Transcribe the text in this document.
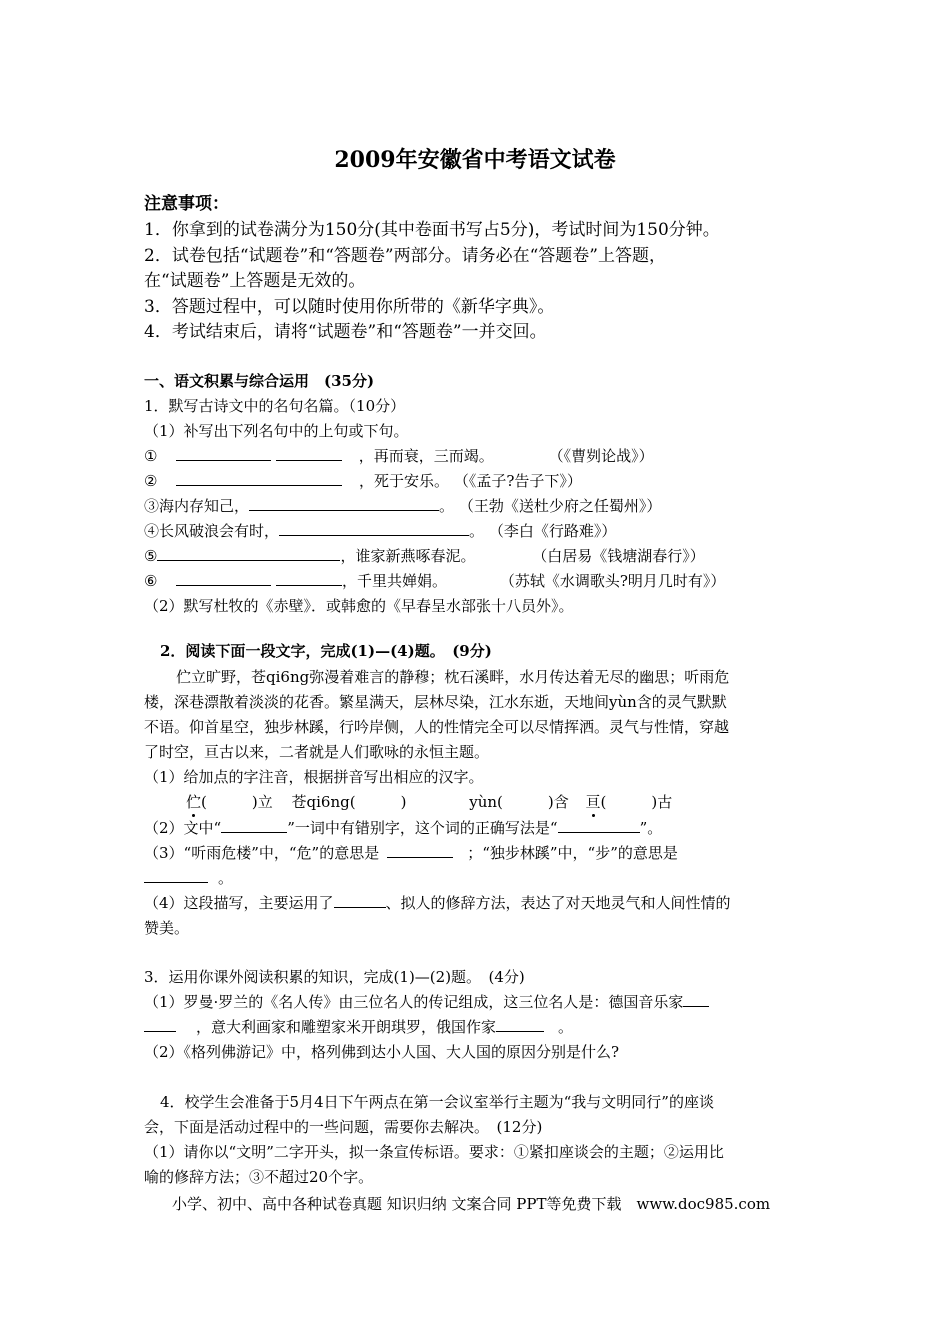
2009年安徽省中考语文试卷
注意事项：
1．你拿到的试卷满分为150分(其中卷面书写占5分)，考试时间为150分钟。
2．试卷包括“试题卷”和“答题卷”两部分。请务必在“答题卷”上答题，
在“试题卷”上答题是无效的。
3．答题过程中，可以随时使用你所带的《新华字典》。
4．考试结束后，请将“试题卷”和“答题卷”一并交回。
一、语文积累与综合运用　(35分)
1．默写古诗文中的名句名篇。（10分）
（1）补写出下列名句中的上句或下句。
①	，再而衰，三而竭。	（《曹刿论战》）
②	，死于安乐。 （《孟子?告子下》）
③海内存知己，	。 （王勃《送杜少府之任蜀州》）
④长风破浪会有时，	。 （李白《行路难》）
⑤	，谁家新燕啄春泥。	（白居易《钱塘湖春行》）
⑥	，千里共婵娟。	（苏轼《水调歌头?明月几时有》）
（2）默写杜牧的《赤壁》．或韩愈的《早春呈水部张十八员外》。
2．阅读下面一段文字，完成(1)—(4)题。　(9分)
伫立旷野，苍qi6ng弥漫着难言的静穆；枕石溪畔，水月传达着无尽的幽思；听雨危
楼，深巷漂散着淡淡的花香。繁星满天，层林尽染，江水东逝，天地间yùn含的灵气默默
不语。仰首星空，独步林蹊，行吟岸侧，人的性情完全可以尽情挥洒。灵气与性情，穿越
了时空，亘古以来，二者就是人们歌咏的永恒主题。
（1）给加点的字注音，根据拼音写出相应的汉字。
伫(　　　)立 苍qi6ng(　　　)	yùn(　　　)含 亘(　　　)古
（2）文中“	”一词中有错别字，这个词的正确写法是“	”。
（3）“听雨危楼”中，“危”的意思是	；“独步林蹊”中，“步”的意思是
。
（4）这段描写，主要运用了	、拟人的修辞方法，表达了对天地灵气和人间性情的
赞美。
3．运用你课外阅读积累的知识，完成(1)—(2)题。　(4分)
（1）罗曼·罗兰的《名人传》由三位名人的传记组成，这三位名人是：德国音乐家
，意大利画家和雕塑家米开朗琪罗，俄国作家	。
（2）《格列佛游记》中，格列佛到达小人国、大人国的原因分别是什么?
4．校学生会准备于5月4日下午两点在第一会议室举行主题为“我与文明同行”的座谈
会，下面是活动过程中的一些问题，需要你去解决。　(12分)
（1）请你以“文明”二字开头，拟一条宣传标语。要求：①紧扣座谈会的主题；②运用比
喻的修辞方法；③不超过20个字。
小学、初中、高中各种试卷真题 知识归纳 文案合同 PPT等免费下载　www.doc985.com
